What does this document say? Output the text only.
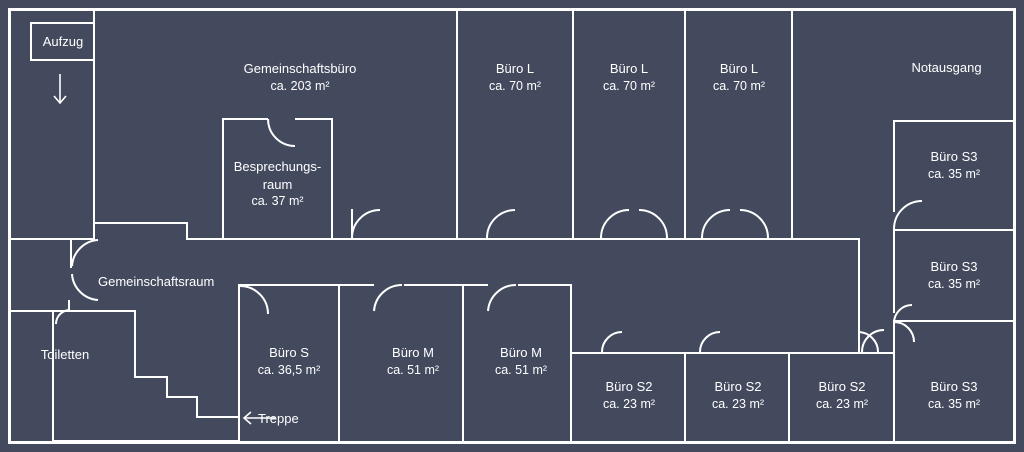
Aufzug
Gemeinschaftsbüro
ca. 203 m²
Besprechungs-
raum
ca. 37 m²
Büro L
ca. 70 m²
Büro L
ca. 70 m²
Büro L
ca. 70 m²
Notausgang
Büro S3
ca. 35 m²
Büro S3
ca. 35 m²
Büro S3
ca. 35 m²
Gemeinschaftsraum
Toiletten
Treppe
Büro S
ca. 36,5 m²
Büro M
ca. 51 m²
Büro M
ca. 51 m²
Büro S2
ca. 23 m²
Büro S2
ca. 23 m²
Büro S2
ca. 23 m²
